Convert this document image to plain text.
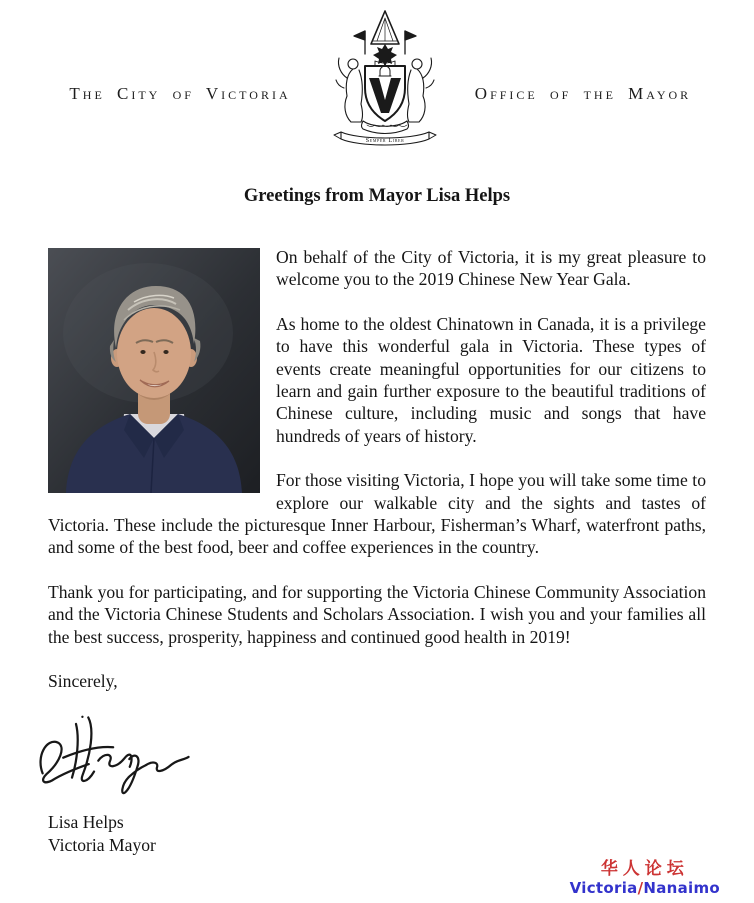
The City of Victoria
Semper Liber
Office of the Mayor
Greetings from Mayor Lisa Helps

On behalf of the City of Victoria, it is my great pleasure to welcome you to the 2019 Chinese New Year Gala.

As home to the oldest Chinatown in Canada, it is a privilege to have this wonderful gala in Victoria. These types of events create meaningful opportunities for our citizens to learn and gain further exposure to the beautiful traditions of Chinese culture, including music and songs that have hundreds of years of history.

For those visiting Victoria, I hope you will take some time to explore our walkable city and the sights and tastes of Victoria. These include the picturesque Inner Harbour, Fisherman’s Wharf, waterfront paths, and some of the best food, beer and coffee experiences in the country.

Thank you for participating, and for supporting the Victoria Chinese Community Association and the Victoria Chinese Students and Scholars Association. I wish you and your families all the best success, prosperity, happiness and continued good health in 2019!

Sincerely,

Lisa Helps
Victoria Mayor
华人论坛
Victoria/Nanaimo
